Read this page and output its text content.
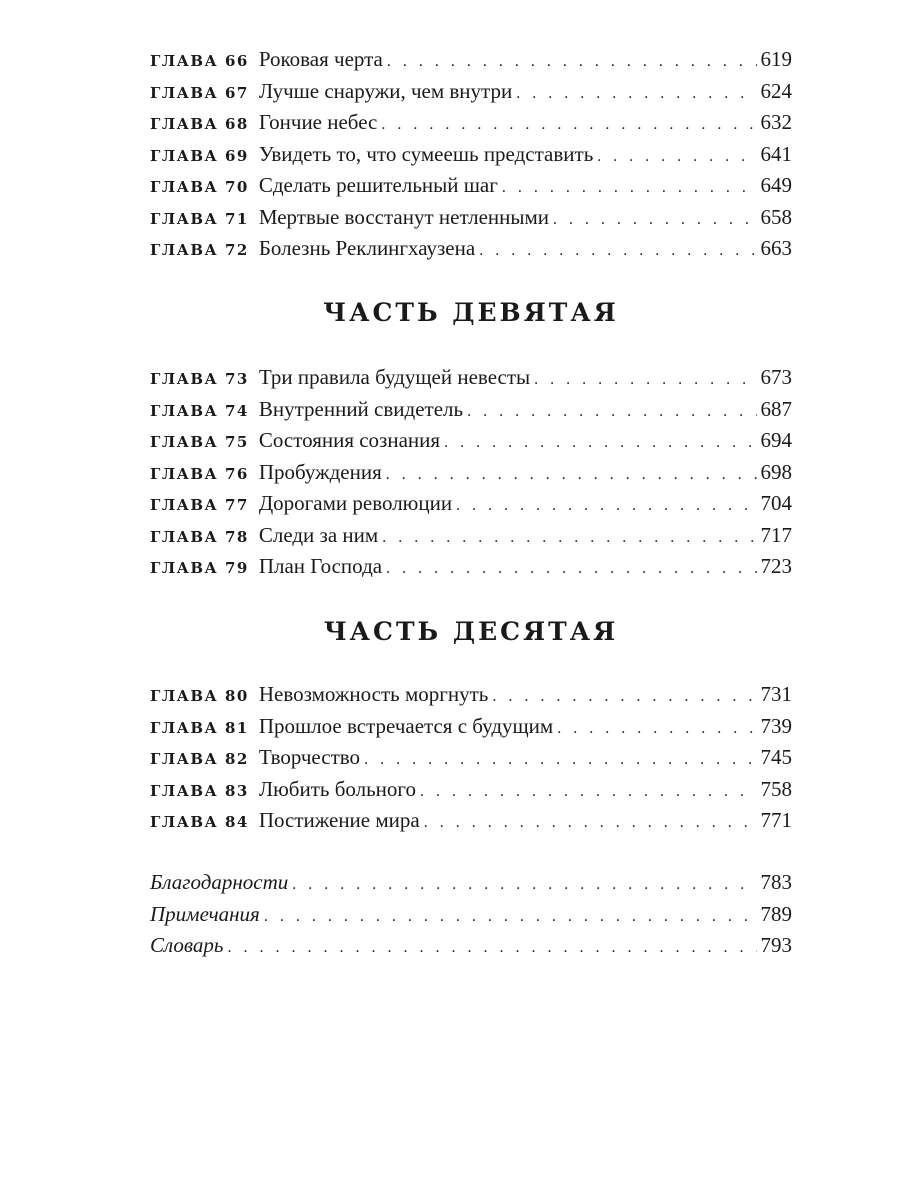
ГЛАВА 66 Роковая черта . . .	619
ГЛАВА 67 Лучше снаружи, чем внутри . . .	624
ГЛАВА 68 Гончие небес . . .	632
ГЛАВА 69 Увидеть то, что сумеешь представить . . .	641
ГЛАВА 70 Сделать решительный шаг . . .	649
ГЛАВА 71 Мертвые восстанут нетленными . . .	658
ГЛАВА 72 Болезнь Реклингхаузена . . .	663
ЧАСТЬ ДЕВЯТАЯ
ГЛАВА 73 Три правила будущей невесты . . .	673
ГЛАВА 74 Внутренний свидетель . . .	687
ГЛАВА 75 Состояния сознания . . .	694
ГЛАВА 76 Пробуждения . . .	698
ГЛАВА 77 Дорогами революции . . .	704
ГЛАВА 78 Следи за ним . . .	717
ГЛАВА 79 План Господа . . .	723
ЧАСТЬ ДЕСЯТАЯ
ГЛАВА 80 Невозможность моргнуть . . .	731
ГЛАВА 81 Прошлое встречается с будущим . . .	739
ГЛАВА 82 Творчество . . .	745
ГЛАВА 83 Любить больного . . .	758
ГЛАВА 84 Постижение мира . . .	771
Благодарности . . .	783
Примечания . . .	789
Словарь . . .	793
